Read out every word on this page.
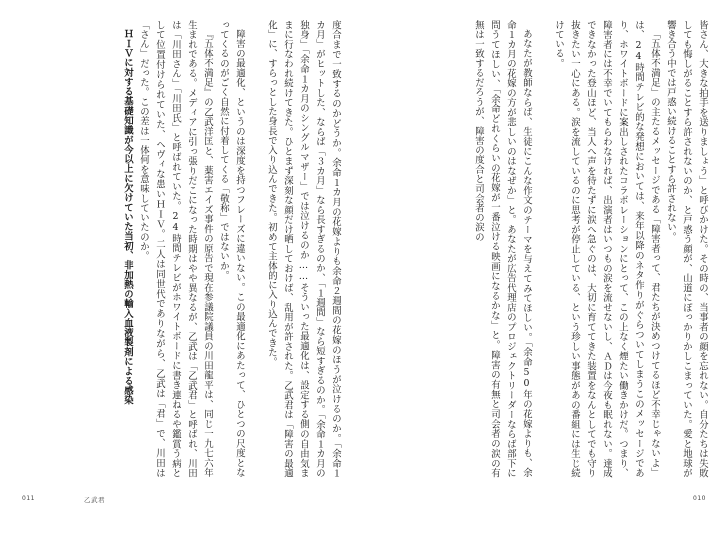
皆さん、大きな拍手を送りましょう」と呼びかけた。その時の、当事者の顔を忘れない。自分たちは失敗しても悔しがることすら許されないのか、と戸惑う顔が、山道にぽっかりかしこまっていた。愛と地球が響き合う中では戸惑い続けることすら許されない。

「五体不満足」の主たるメッセージである「障害者って、君たちが決めつけてるほど不幸じゃないよ」は、24時間テレビ的な発想においては、来年以降のネタ作りがぐらついてしまうこのメッセージであり、ホワイトボードに案出しされたコラボレーションにとって、この上なく煙たい働きかけだ。つまり、障害者には不幸でいてもらわなければ、出演者はいつもの涙を流せないし、ＡＤは今夜も眠れない。達成できなかった登山ほど、当人へ声を待たずに涙へ急ぐのは、大切に育ててきた装置をなんとしてでも守り抜きたい一心にある。涙を流しているのに思考が停止している、という珍しい事態があの番組には生じ続けている。

あなたが教師ならば、生徒にこんな作文のテーマを与えてみてほしい。「余命50年の花嫁よりも、余命１カ月の花嫁の方が悲しいのはなぜか」と。あなたが広告代理店のプロジェクトリーダーならば部下に問うてほしい、「余命どれくらいの花嫁が一番泣ける映画になるかな」と。障害の有無と司会者の涙の有無は一致するだろうが、障害の度合と司会者の涙の

010

度合まで一致するのかどうか。余命１カ月の花嫁よりも余命２週間の花嫁のほうが泣けるのか。「余命１カ月」がヒットした、ならば「３カ月」なら長すぎるのか、「１週間」なら短すぎるのか。「余命１カ月の独身」「余命１カ月のシングルマザー」では泣けるのか……そういった最適化は、設定する側の自由気ままに行なわれ続けてきた。ひとまず深刻な顔だけ晒しておけば、乱用が許された。乙武君は「障害の最適化」に、すらっとした身長で入り込んできた。初めて主体的に入り込んできた。

障害の最適化、というのは深度を持つフレーズに違いない。この最適化にあたって、ひとつの尺度となってくるのがごく自然に付着してくる「敬称」ではないか。

『五体不満足』の乙武洋匡と、薬害エイズ事件の原告で現在参議院議員の川田龍平は、同じ一九七六年生まれである。メディアに引っ張りだこになった時期はやや異なるが、乙武は「乙武君」と呼ばれ、川田は「川田さん」「川田氏」と呼ばれていた。24時間テレビがホワイトボードに書き連ねるや鑑賞う病として位置付けられていた、ヘヴィな患いＨＩＶ。二人は同世代でありながら、乙武は「君」で、川田は「さん」だった。この差は一体何を意味していたのか。

ＨＩＶに対する基礎知識が今以上に欠けていた当初、非加熱の輸入血液製剤による感染

011	乙武君
